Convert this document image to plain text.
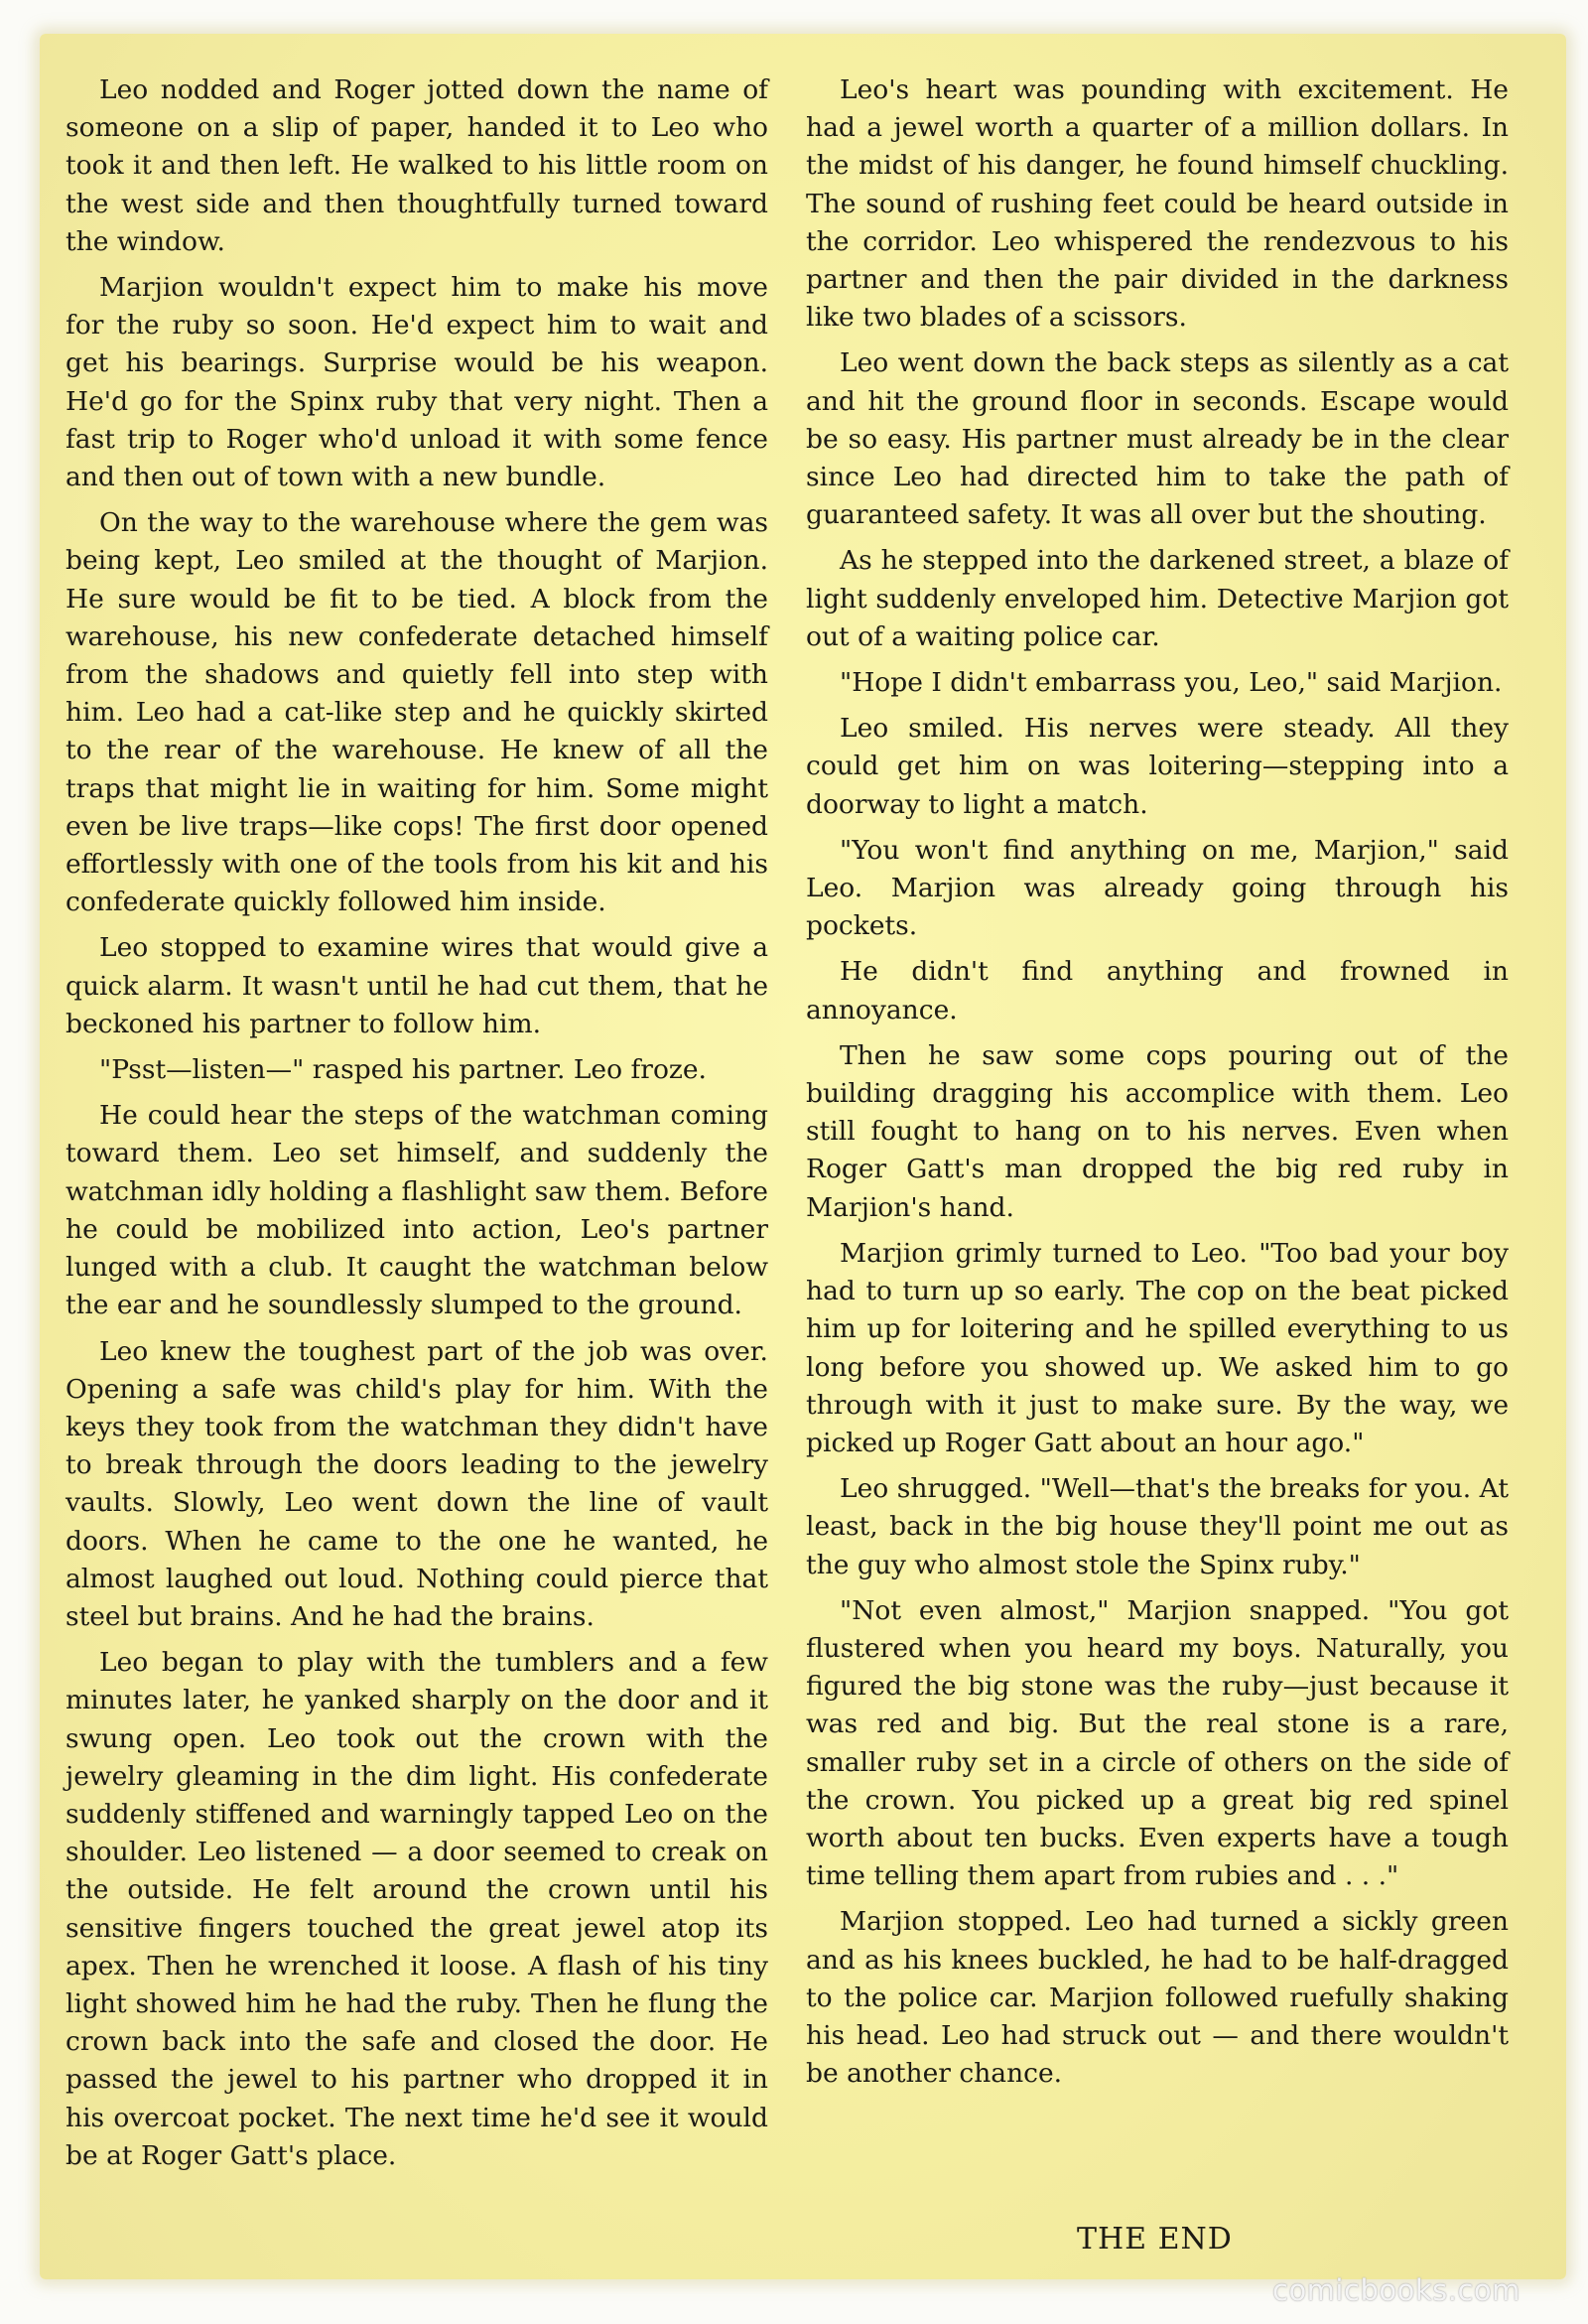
Leo nodded and Roger jotted down the name of someone on a slip of paper, handed it to Leo who took it and then left. He walked to his little room on the west side and then thoughtfully turned toward the window.

Marjion wouldn't expect him to make his move for the ruby so soon. He'd expect him to wait and get his bearings. Surprise would be his weapon. He'd go for the Spinx ruby that very night. Then a fast trip to Roger who'd unload it with some fence and then out of town with a new bundle.

On the way to the warehouse where the gem was being kept, Leo smiled at the thought of Marjion. He sure would be fit to be tied. A block from the warehouse, his new confederate detached himself from the shadows and quietly fell into step with him. Leo had a cat-like step and he quickly skirted to the rear of the warehouse. He knew of all the traps that might lie in waiting for him. Some might even be live traps—like cops! The first door opened effortlessly with one of the tools from his kit and his confederate quickly followed him inside.

Leo stopped to examine wires that would give a quick alarm. It wasn't until he had cut them, that he beckoned his partner to follow him.

"Psst—listen—" rasped his partner. Leo froze.

He could hear the steps of the watchman coming toward them. Leo set himself, and suddenly the watchman idly holding a flashlight saw them. Before he could be mobilized into action, Leo's partner lunged with a club. It caught the watchman below the ear and he soundlessly slumped to the ground.

Leo knew the toughest part of the job was over. Opening a safe was child's play for him. With the keys they took from the watchman they didn't have to break through the doors leading to the jewelry vaults. Slowly, Leo went down the line of vault doors. When he came to the one he wanted, he almost laughed out loud. Nothing could pierce that steel but brains. And he had the brains.

Leo began to play with the tumblers and a few minutes later, he yanked sharply on the door and it swung open. Leo took out the crown with the jewelry gleaming in the dim light. His confederate suddenly stiffened and warningly tapped Leo on the shoulder. Leo listened — a door seemed to creak on the outside. He felt around the crown until his sensitive fingers touched the great jewel atop its apex. Then he wrenched it loose. A flash of his tiny light showed him he had the ruby. Then he flung the crown back into the safe and closed the door. He passed the jewel to his partner who dropped it in his overcoat pocket. The next time he'd see it would be at Roger Gatt's place.

Leo's heart was pounding with excitement. He had a jewel worth a quarter of a million dollars. In the midst of his danger, he found himself chuckling. The sound of rushing feet could be heard outside in the corridor. Leo whispered the rendezvous to his partner and then the pair divided in the darkness like two blades of a scissors.

Leo went down the back steps as silently as a cat and hit the ground floor in seconds. Escape would be so easy. His partner must already be in the clear since Leo had directed him to take the path of guaranteed safety. It was all over but the shouting.

As he stepped into the darkened street, a blaze of light suddenly enveloped him. Detective Marjion got out of a waiting police car.

"Hope I didn't embarrass you, Leo," said Marjion.

Leo smiled. His nerves were steady. All they could get him on was loitering—stepping into a doorway to light a match.

"You won't find anything on me, Marjion," said Leo. Marjion was already going through his pockets.

He didn't find anything and frowned in annoyance.

Then he saw some cops pouring out of the building dragging his accomplice with them. Leo still fought to hang on to his nerves. Even when Roger Gatt's man dropped the big red ruby in Marjion's hand.

Marjion grimly turned to Leo. "Too bad your boy had to turn up so early. The cop on the beat picked him up for loitering and he spilled everything to us long before you showed up. We asked him to go through with it just to make sure. By the way, we picked up Roger Gatt about an hour ago."

Leo shrugged. "Well—that's the breaks for you. At least, back in the big house they'll point me out as the guy who almost stole the Spinx ruby."

"Not even almost," Marjion snapped. "You got flustered when you heard my boys. Naturally, you figured the big stone was the ruby—just because it was red and big. But the real stone is a rare, smaller ruby set in a circle of others on the side of the crown. You picked up a great big red spinel worth about ten bucks. Even experts have a tough time telling them apart from rubies and . . ."

Marjion stopped. Leo had turned a sickly green and as his knees buckled, he had to be half-dragged to the police car. Marjion followed ruefully shaking his head. Leo had struck out — and there wouldn't be another chance.

THE END
comicbooks.com
